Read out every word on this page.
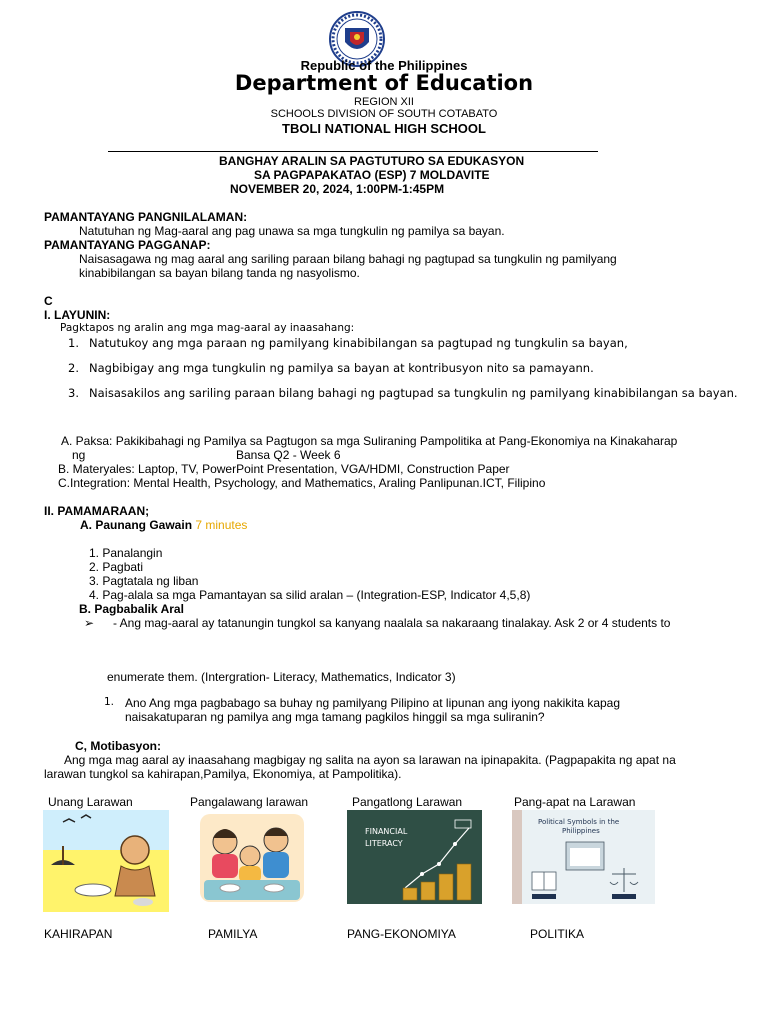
Republic of the Philippines
Department of Education
REGION XII
SCHOOLS DIVISION OF SOUTH COTABATO
TBOLI NATIONAL HIGH SCHOOL
BANGHAY ARALIN SA PAGTUTURO SA EDUKASYON
SA PAGPAPAKATAO (ESP) 7 MOLDAVITE
NOVEMBER 20, 2024, 1:00PM-1:45PM
PAMANTAYANG PANGNILALAMAN:
Natutuhan ng Mag-aaral ang pag unawa sa mga tungkulin ng pamilya sa bayan.
PAMANTAYANG PAGGANAP:
Naisasagawa ng mag aaral ang sariling paraan bilang bahagi ng pagtupad sa tungkulin ng pamilyang
kinabibilangan sa bayan bilang tanda ng nasyolismo.
C
I. LAYUNIN:
Pagktapos ng aralin ang mga mag-aaral ay inaasahang:
1. Natutukoy ang mga paraan ng pamilyang kinabibilangan sa pagtupad ng tungkulin sa bayan,
2. Nagbibigay ang mga tungkulin ng pamilya sa bayan at kontribusyon nito sa pamayann.
3. Naisasakilos ang sariling paraan bilang bahagi ng pagtupad sa tungkulin ng pamilyang kinabibilangan sa bayan.
A. Paksa: Pakikibahagi ng Pamilya sa Pagtugon sa mga Suliraning Pampolitika at Pang-Ekonomiya na Kinakaharap
ng	Bansa Q2 - Week 6
B. Materyales: Laptop, TV, PowerPoint Presentation, VGA/HDMI, Construction Paper
C.Integration: Mental Health, Psychology, and Mathematics, Araling Panlipunan.ICT, Filipino
II. PAMAMARAAN;
A. Paunang Gawain 7 minutes
1. Panalangin
2. Pagbati
3. Pagtatala ng liban
4. Pag-alala sa mga Pamantayan sa silid aralan – (Integration-ESP, Indicator 4,5,8)
B. Pagbabalik Aral
➢ - Ang mag-aaral ay tatanungin tungkol sa kanyang naalala sa nakaraang tinalakay. Ask 2 or 4 students to
enumerate them. (Intergration- Literacy, Mathematics, Indicator 3)
1. Ano Ang mga pagbabago sa buhay ng pamilyang Pilipino at lipunan ang iyong nakikita kapag
naisakatuparan ng pamilya ang mga tamang pagkilos hinggil sa mga suliranin?
C, Motibasyon:
Ang mga mag aaral ay inaasahang magbigay ng salita na ayon sa larawan na ipinapakita. (Pagpapakita ng apat na
larawan tungkol sa kahirapan,Pamilya, Ekonomiya, at Pampolitika).
Unang Larawan	Pangalawang larawan	Pangatlong Larawan	Pang-apat na Larawan
FINANCIAL
LITERACY
Political Symbols in the
Philippines
KAHIRAPAN	PAMILYA	PANG-EKONOMIYA	POLITIKA
